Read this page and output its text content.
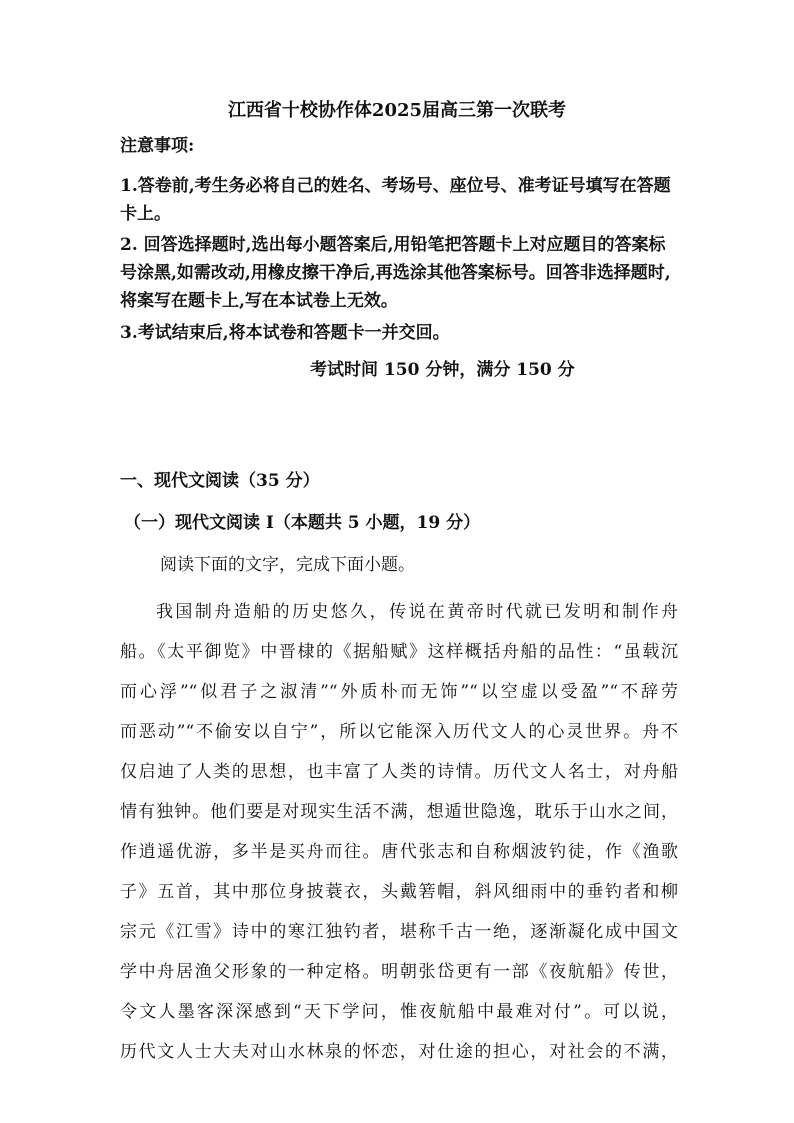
江西省十校协作体2025届高三第一次联考
注意事项:
1.答卷前,考生务必将自己的姓名、考场号、座位号、准考证号填写在答题卡上。
2. 回答选择题时,选出每小题答案后,用铅笔把答题卡上对应题目的答案标号涂黑,如需改动,用橡皮擦干净后,再选涂其他答案标号。回答非选择题时,将案写在题卡上,写在本试卷上无效。
3.考试结束后,将本试卷和答题卡一并交回。
考试时间 150 分钟，满分 150 分
一、现代文阅读（35 分）
（一）现代文阅读 Ⅰ（本题共 5 小题，19 分）
阅读下面的文字，完成下面小题。
我国制舟造船的历史悠久，传说在黄帝时代就已发明和制作舟
船。《太平御览》中晋棣的《据船赋》这样概括舟船的品性：“虽载沉
而心浮”“似君子之淑清”“外质朴而无饰”“以空虚以受盈”“不辞劳
而恶动”“不偷安以自宁”，所以它能深入历代文人的心灵世界。舟不
仅启迪了人类的思想，也丰富了人类的诗情。历代文人名士，对舟船
情有独钟。他们要是对现实生活不满，想遁世隐逸，耽乐于山水之间，
作逍遥优游，多半是买舟而往。唐代张志和自称烟波钓徒，作《渔歌
子》五首，其中那位身披蓑衣，头戴箬帽，斜风细雨中的垂钓者和柳
宗元《江雪》诗中的寒江独钓者，堪称千古一绝，逐渐凝化成中国文
学中舟居渔父形象的一种定格。明朝张岱更有一部《夜航船》传世，
令文人墨客深深感到“天下学问，惟夜航船中最难对付”。可以说，
历代文人士大夫对山水林泉的怀恋，对仕途的担心，对社会的不满，
